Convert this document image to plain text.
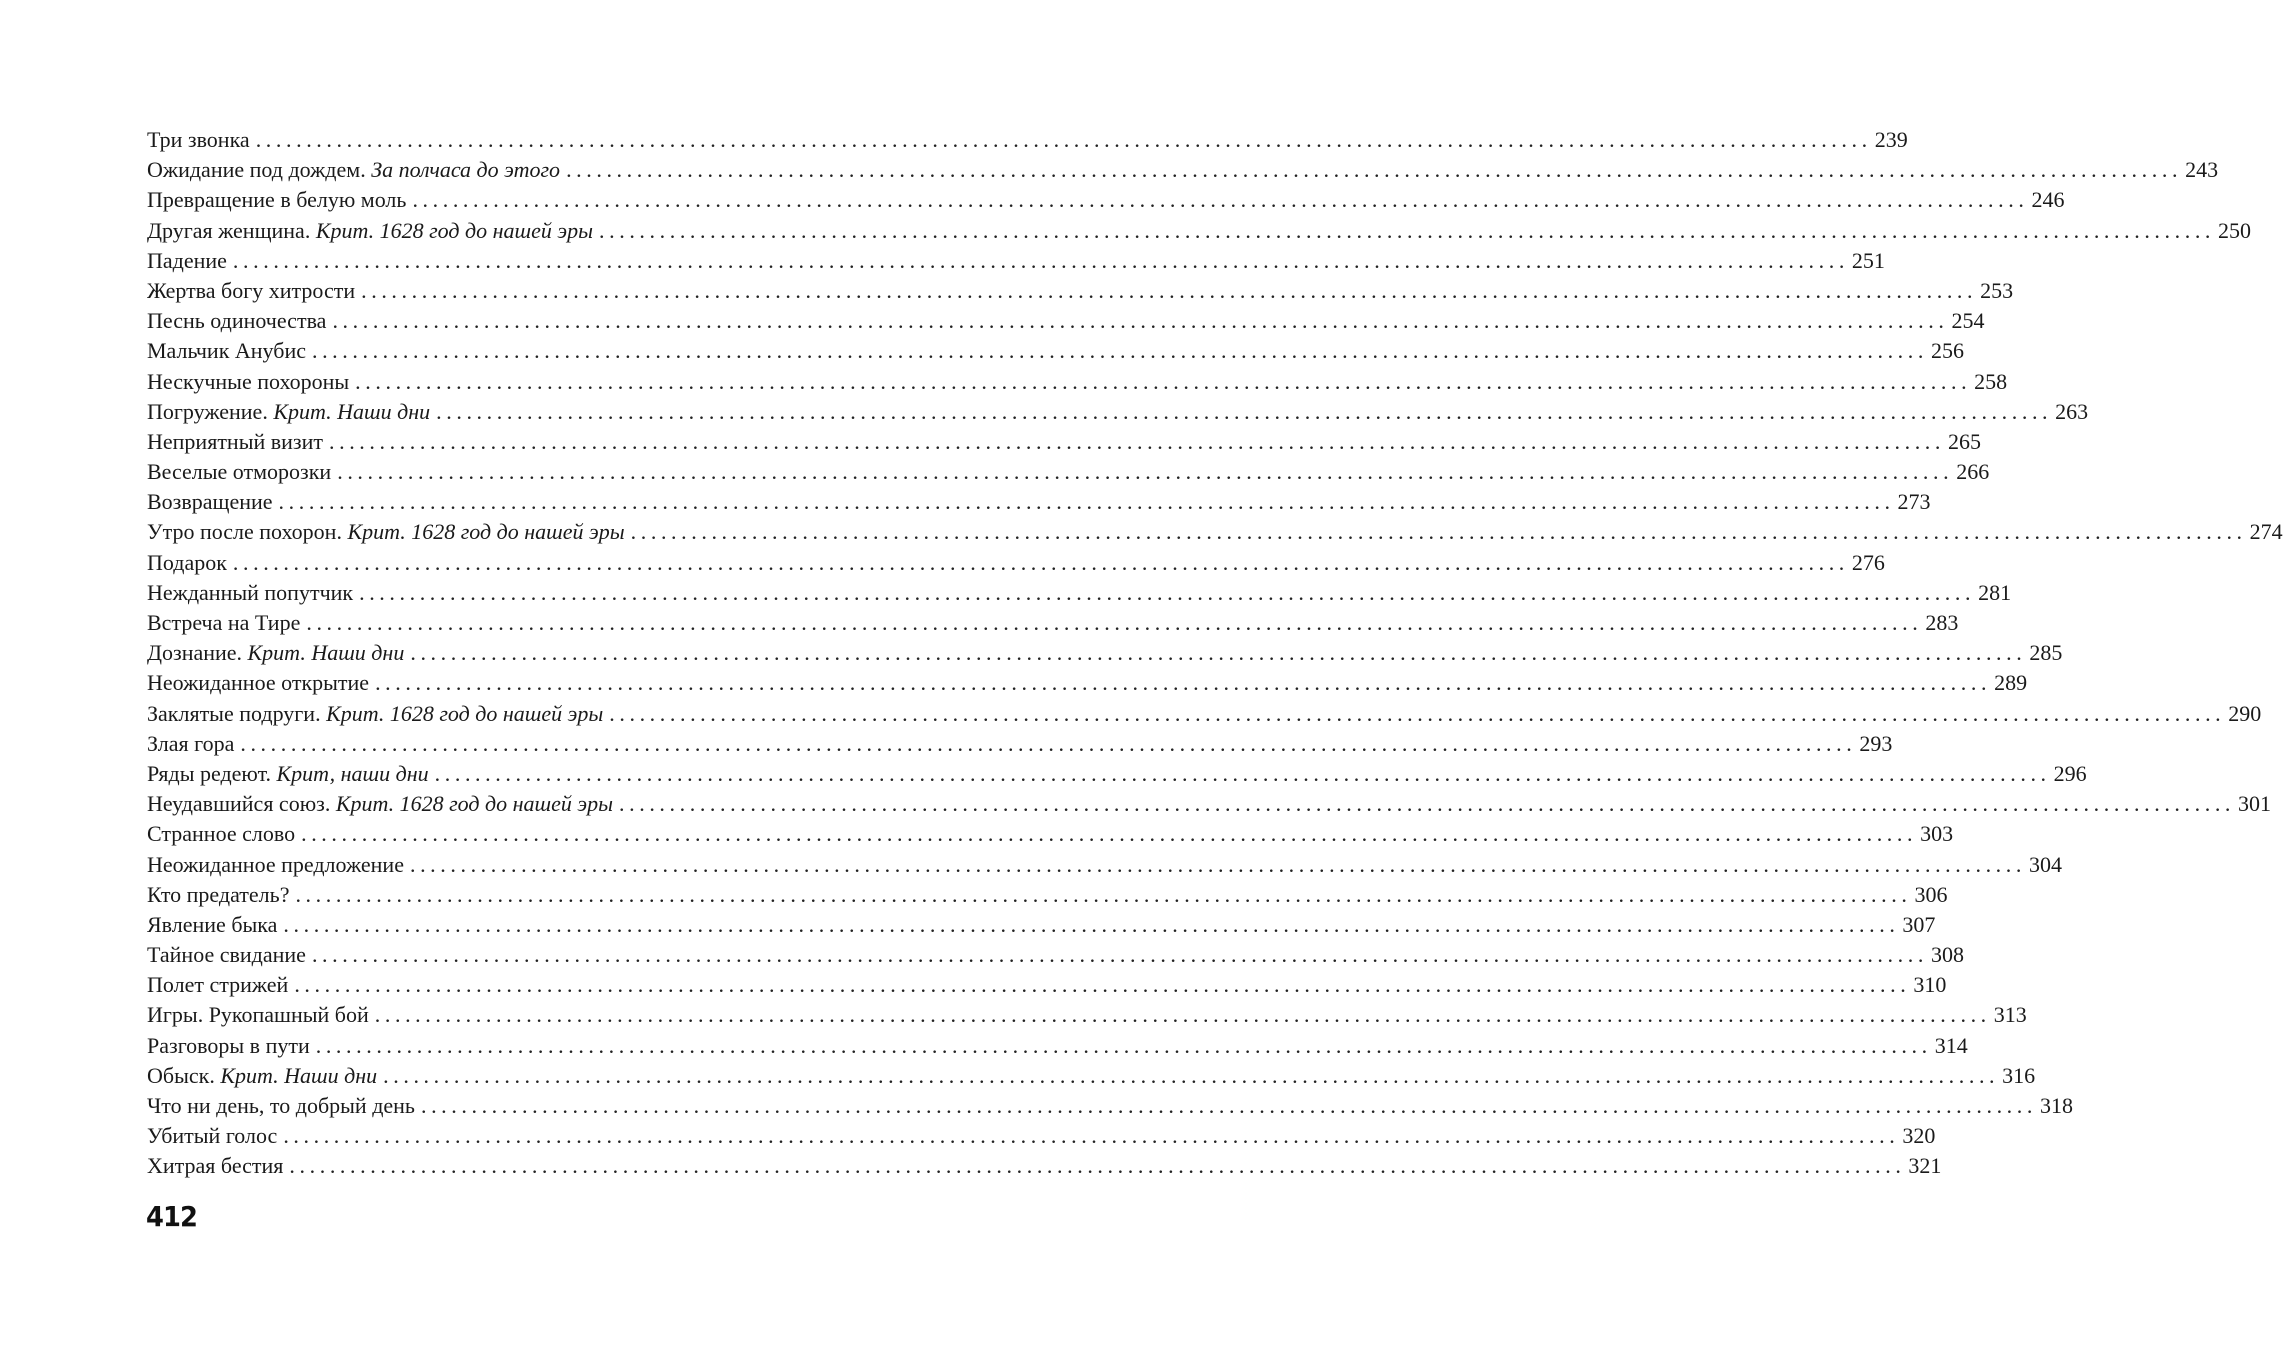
Три звонка ................................................................................................................................................................ 239
Ожидание под дождем. За полчаса до этого ................................................................................................................................................................ 243
Превращение в белую моль ................................................................................................................................................................ 246
Другая женщина. Крит. 1628 год до нашей эры ................................................................................................................................................................ 250
Падение ................................................................................................................................................................ 251
Жертва богу хитрости ................................................................................................................................................................ 253
Песнь одиночества ................................................................................................................................................................ 254
Мальчик Анубис ................................................................................................................................................................ 256
Нескучные похороны ................................................................................................................................................................ 258
Погружение. Крит. Наши дни ................................................................................................................................................................ 263
Неприятный визит ................................................................................................................................................................ 265
Веселые отморозки ................................................................................................................................................................ 266
Возвращение ................................................................................................................................................................ 273
Утро после похорон. Крит. 1628 год до нашей эры ................................................................................................................................................................ 274
Подарок ................................................................................................................................................................ 276
Нежданный попутчик ................................................................................................................................................................ 281
Встреча на Тире ................................................................................................................................................................ 283
Дознание. Крит. Наши дни ................................................................................................................................................................ 285
Неожиданное открытие ................................................................................................................................................................ 289
Заклятые подруги. Крит. 1628 год до нашей эры ................................................................................................................................................................ 290
Злая гора ................................................................................................................................................................ 293
Ряды редеют. Крит, наши дни ................................................................................................................................................................ 296
Неудавшийся союз. Крит. 1628 год до нашей эры ................................................................................................................................................................ 301
Странное слово ................................................................................................................................................................ 303
Неожиданное предложение ................................................................................................................................................................ 304
Кто предатель? ................................................................................................................................................................ 306
Явление быка ................................................................................................................................................................ 307
Тайное свидание ................................................................................................................................................................ 308
Полет стрижей ................................................................................................................................................................ 310
Игры. Рукопашный бой ................................................................................................................................................................ 313
Разговоры в пути ................................................................................................................................................................ 314
Обыск. Крит. Наши дни ................................................................................................................................................................ 316
Что ни день, то добрый день ................................................................................................................................................................ 318
Убитый голос ................................................................................................................................................................ 320
Хитрая бестия ................................................................................................................................................................ 321
412
